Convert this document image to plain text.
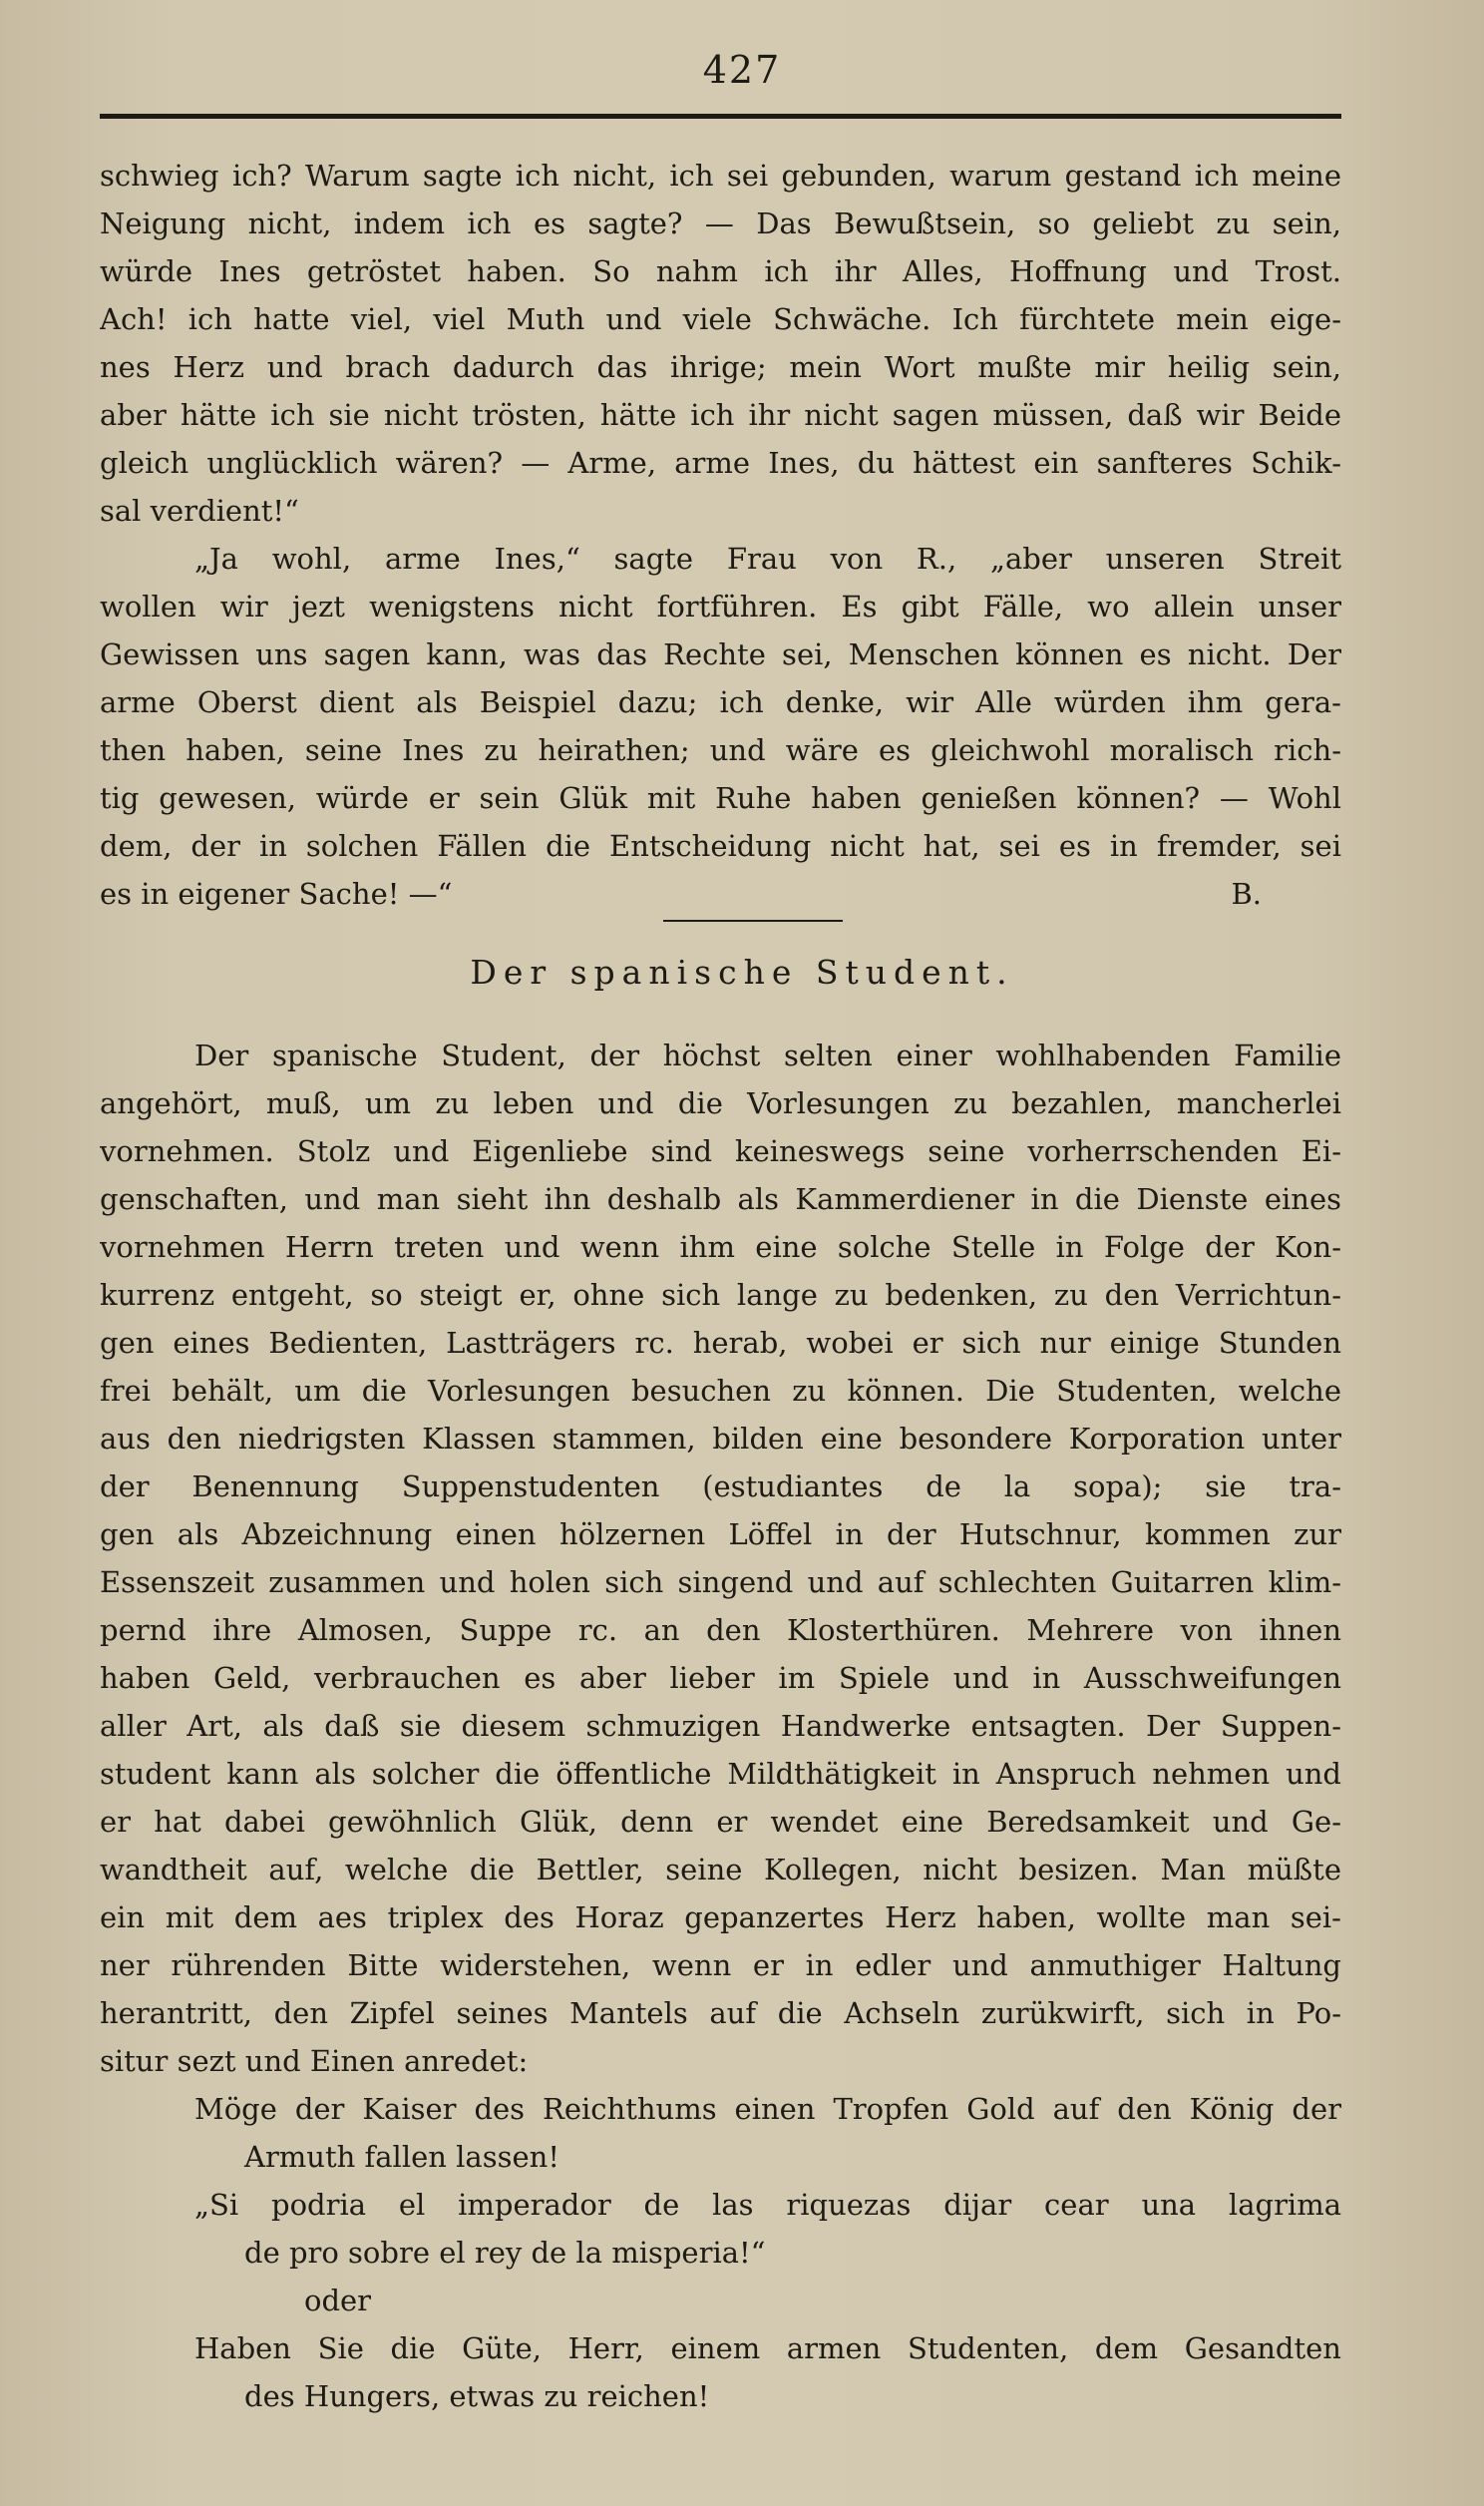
427
schwieg ich? Warum sagte ich nicht, ich sei gebunden, warum gestand ich meine
Neigung nicht, indem ich es sagte? — Das Bewußtsein, so geliebt zu sein,
würde Ines getröstet haben. So nahm ich ihr Alles, Hoffnung und Trost.
Ach! ich hatte viel, viel Muth und viele Schwäche. Ich fürchtete mein eige-
nes Herz und brach dadurch das ihrige; mein Wort mußte mir heilig sein,
aber hätte ich sie nicht trösten, hätte ich ihr nicht sagen müssen, daß wir Beide
gleich unglücklich wären? — Arme, arme Ines, du hättest ein sanfteres Schik-
sal verdient!“
„Ja wohl, arme Ines,“ sagte Frau von R., „aber unseren Streit
wollen wir jezt wenigstens nicht fortführen. Es gibt Fälle, wo allein unser
Gewissen uns sagen kann, was das Rechte sei, Menschen können es nicht. Der
arme Oberst dient als Beispiel dazu; ich denke, wir Alle würden ihm gera-
then haben, seine Ines zu heirathen; und wäre es gleichwohl moralisch rich-
tig gewesen, würde er sein Glük mit Ruhe haben genießen können? — Wohl
dem, der in solchen Fällen die Entscheidung nicht hat, sei es in fremder, sei
es in eigener Sache! —“	B.
Der spanische Student.
Der spanische Student, der höchst selten einer wohlhabenden Familie
angehört, muß, um zu leben und die Vorlesungen zu bezahlen, mancherlei
vornehmen. Stolz und Eigenliebe sind keineswegs seine vorherrschenden Ei-
genschaften, und man sieht ihn deshalb als Kammerdiener in die Dienste eines
vornehmen Herrn treten und wenn ihm eine solche Stelle in Folge der Kon-
kurrenz entgeht, so steigt er, ohne sich lange zu bedenken, zu den Verrichtun-
gen eines Bedienten, Lastträgers rc. herab, wobei er sich nur einige Stunden
frei behält, um die Vorlesungen besuchen zu können. Die Studenten, welche
aus den niedrigsten Klassen stammen, bilden eine besondere Korporation unter
der Benennung Suppenstudenten (estudiantes de la sopa); sie tra-
gen als Abzeichnung einen hölzernen Löffel in der Hutschnur, kommen zur
Essenszeit zusammen und holen sich singend und auf schlechten Guitarren klim-
pernd ihre Almosen, Suppe rc. an den Klosterthüren. Mehrere von ihnen
haben Geld, verbrauchen es aber lieber im Spiele und in Ausschweifungen
aller Art, als daß sie diesem schmuzigen Handwerke entsagten. Der Suppen-
student kann als solcher die öffentliche Mildthätigkeit in Anspruch nehmen und
er hat dabei gewöhnlich Glük, denn er wendet eine Beredsamkeit und Ge-
wandtheit auf, welche die Bettler, seine Kollegen, nicht besizen. Man müßte
ein mit dem aes triplex des Horaz gepanzertes Herz haben, wollte man sei-
ner rührenden Bitte widerstehen, wenn er in edler und anmuthiger Haltung
herantritt, den Zipfel seines Mantels auf die Achseln zurükwirft, sich in Po-
situr sezt und Einen anredet:
Möge der Kaiser des Reichthums einen Tropfen Gold auf den König der
Armuth fallen lassen!
„Si podria el imperador de las riquezas dijar cear una lagrima
de pro sobre el rey de la misperia!“
oder
Haben Sie die Güte, Herr, einem armen Studenten, dem Gesandten
des Hungers, etwas zu reichen!
